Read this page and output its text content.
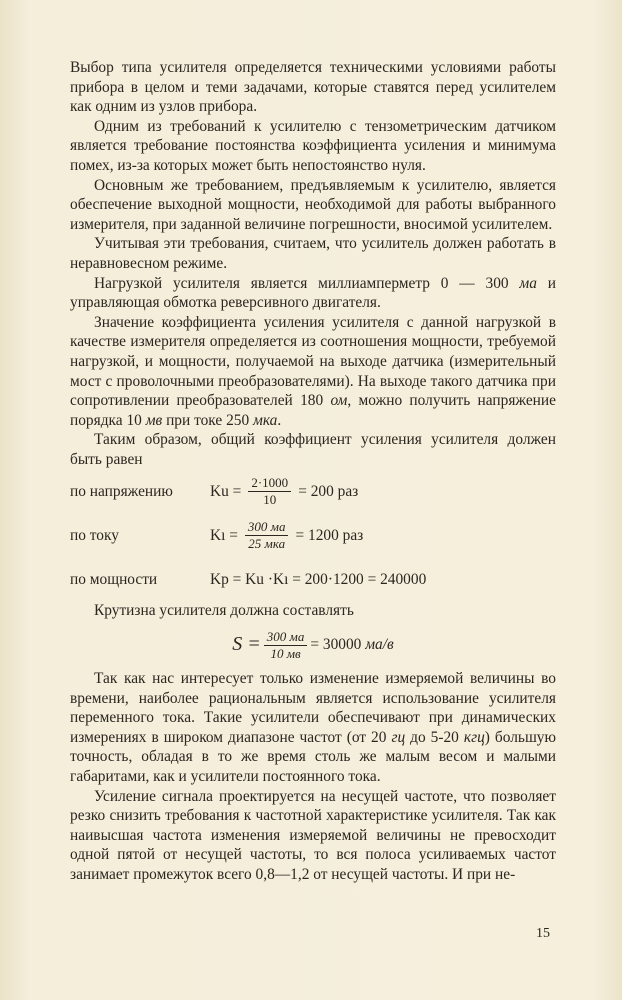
Выбор типа усилителя определяется техническими условиями работы прибора в целом и теми задачами, которые ставятся перед усилителем как одним из узлов прибора.

Одним из требований к усилителю с тензометрическим датчиком является требование постоянства коэффициента усиления и минимума помех, из-за которых может быть непостоянство нуля.

Основным же требованием, предъявляемым к усилителю, является обеспечение выходной мощности, необходимой для работы выбранного измерителя, при заданной величине погрешности, вносимой усилителем.

Учитывая эти требования, считаем, что усилитель должен работать в неравновесном режиме.

Нагрузкой усилителя является миллиамперметр 0 — 300 ма и управляющая обмотка реверсивного двигателя.

Значение коэффициента усиления усилителя с данной нагрузкой в качестве измерителя определяется из соотношения мощности, требуемой нагрузкой, и мощности, получаемой на выходе датчика (измерительный мост с проволочными преобразователями). На выходе такого датчика при сопротивлении преобразователей 180 ом, можно получить напряжение порядка 10 мв при токе 250 мка.

Таким образом, общий коэффициент усиления усилителя должен быть равен

по напряжению	$Ku = \frac{2\cdot 1000}{10} = 200$ раз
по току	Kı = $\frac{300 ма}{\text{25 мка}} = 1200$ раз
по мощности	Kр = Ku ·Kı = 200·1200 = 240000

Крутизна усилителя должна составлять

$S = \frac{300 ма}{10 мв} = 30000$
ма/в

Так как нас интересует только изменение измеряемой величины во времени, наиболее рациональным является использование усилителя переменного тока. Такие усилители обеспечивают при динамических измерениях в широком диапазоне частот (от 20 гц до 5-20 кгц) большую точность, обладая в то же время столь же малым весом и малыми габаритами, как и усилители постоянного тока.

Усиление сигнала проектируется на несущей частоте, что позволяет резко снизить требования к частотной характеристике усилителя. Так как наивысшая частота изменения измеряемой величины не превосходит одной пятой от несущей частоты, то вся полоса усиливаемых частот занимает промежуток всего 0,8—1,2 от несущей частоты. И при не-

15
